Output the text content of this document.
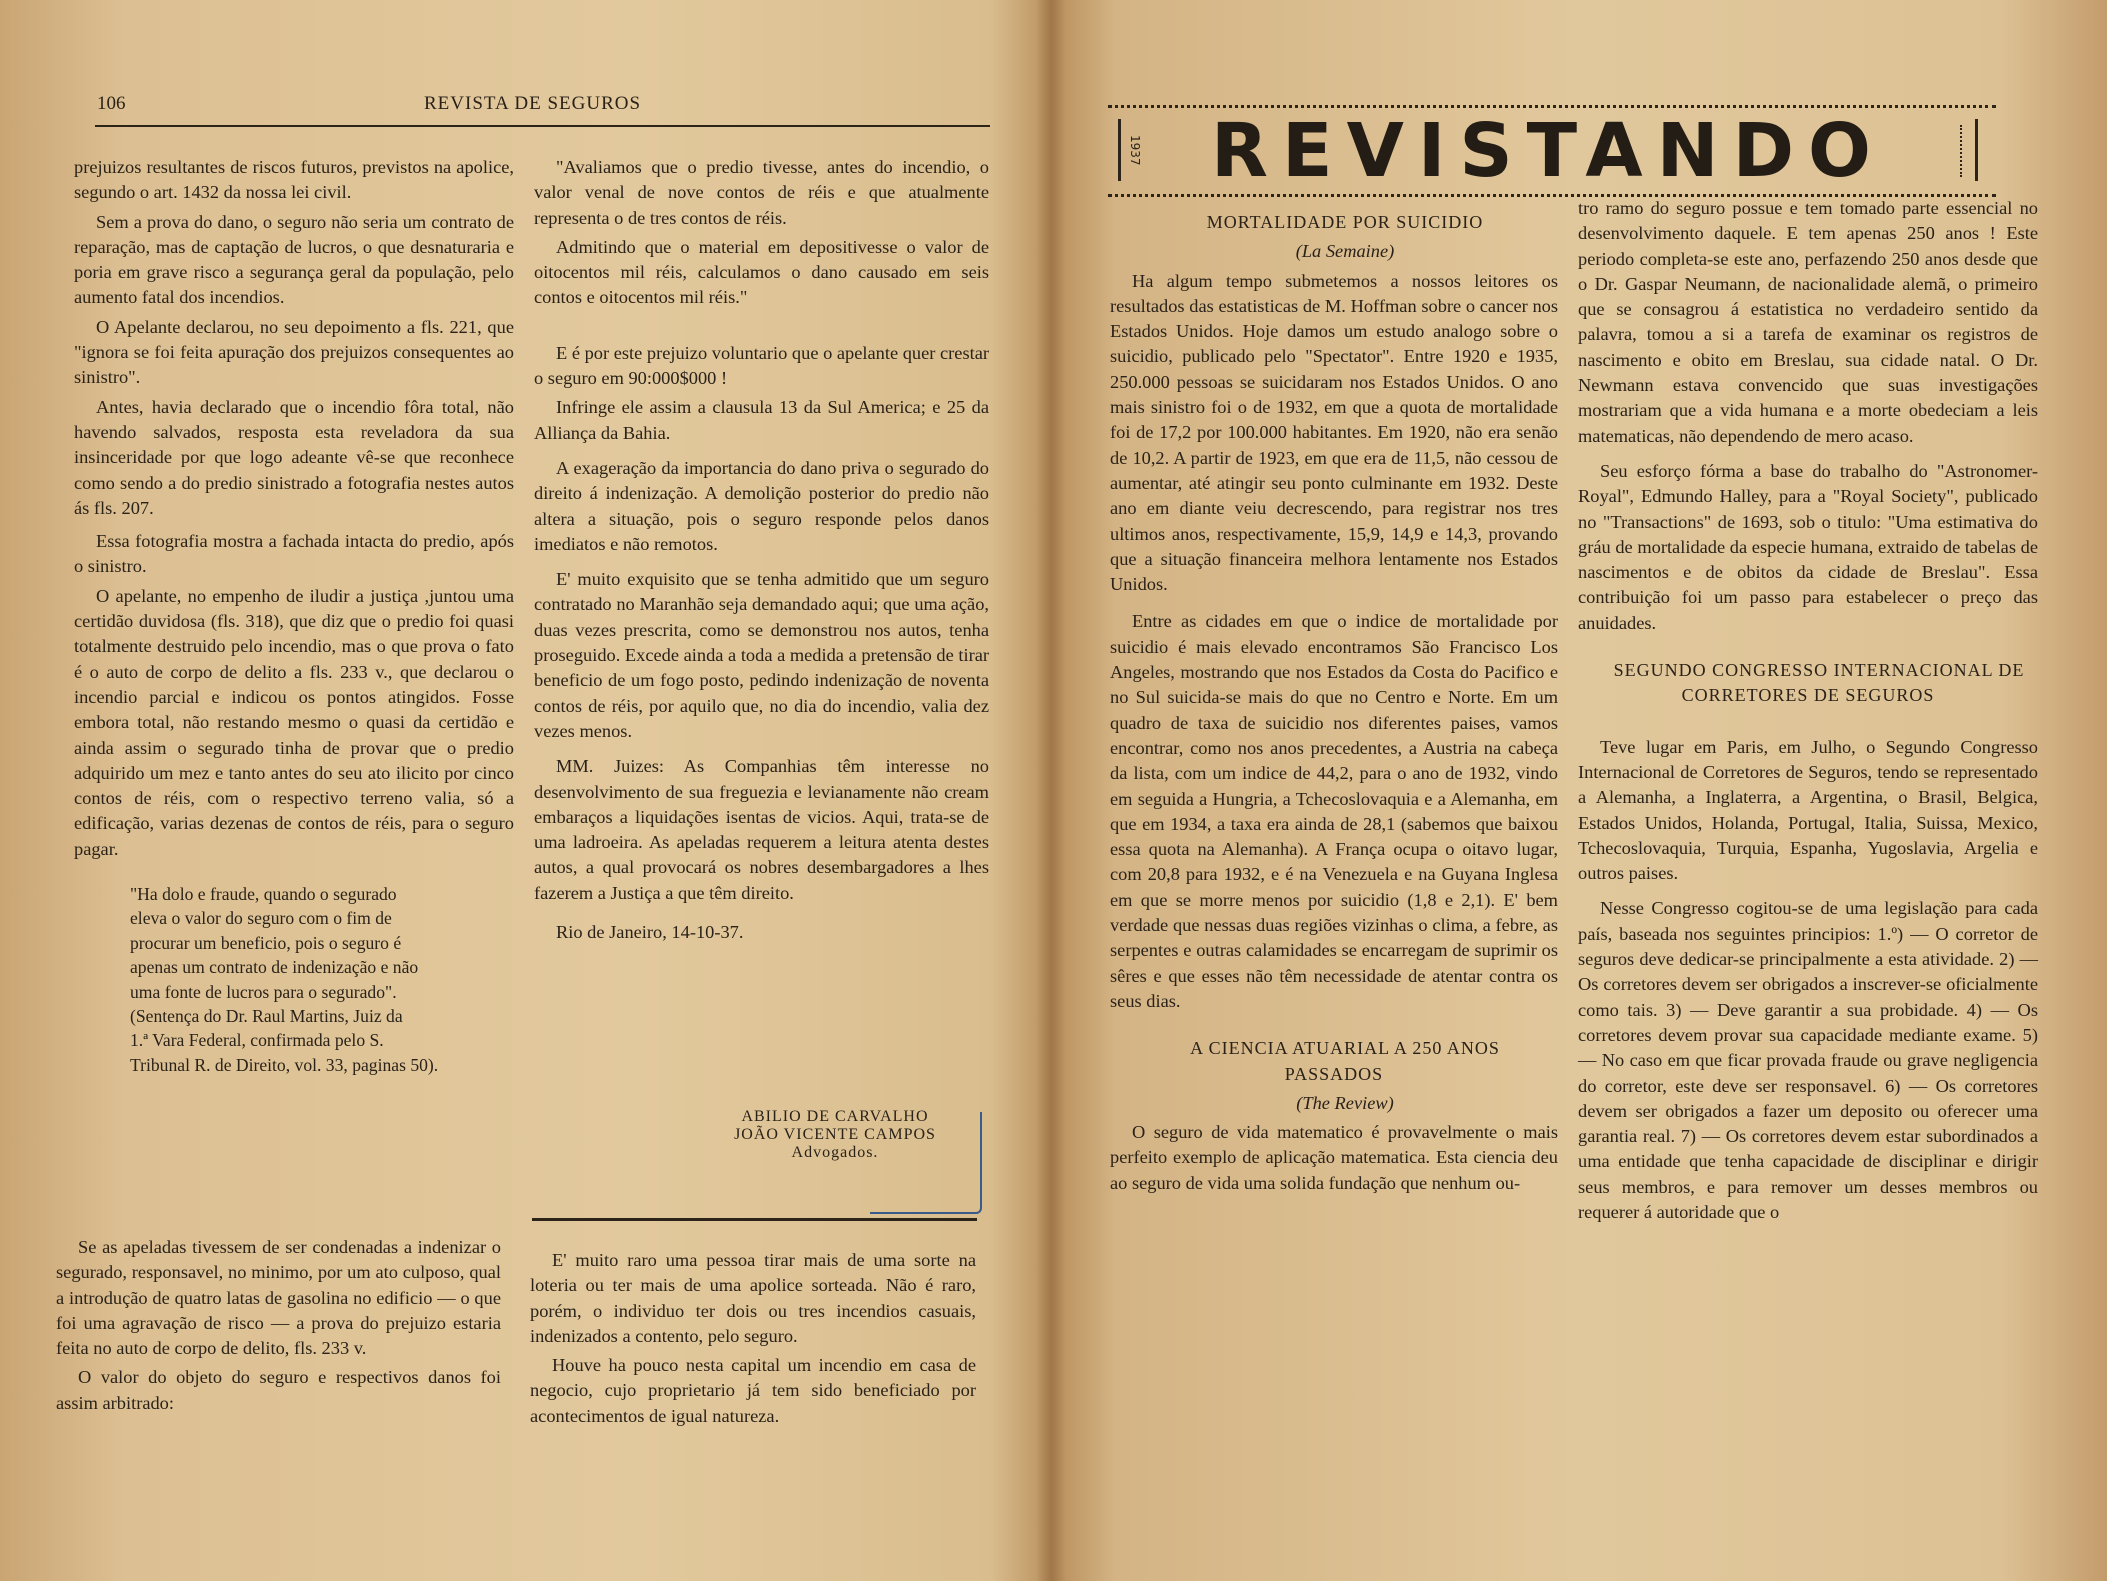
106	REVISTA DE SEGUROS

prejuizos resultantes de riscos futuros, previstos na apolice, segundo o art. 1432 da nossa lei civil.

Sem a prova do dano, o seguro não seria um contrato de reparação, mas de captação de lucros, o que desnaturaria e poria em grave risco a segurança geral da população, pelo aumento fatal dos incendios.

O Apelante declarou, no seu depoimento a fls. 221, que "ignora se foi feita apuração dos prejuizos consequentes ao sinistro".

Antes, havia declarado que o incendio fôra total, não havendo salvados, resposta esta reveladora da sua insinceridade por que logo adeante vê-se que reconhece como sendo a do predio sinistrado a fotografia nestes autos ás fls. 207.

Essa fotografia mostra a fachada intacta do predio, após o sinistro.

O apelante, no empenho de iludir a justiça ,juntou uma certidão duvidosa (fls. 318), que diz que o predio foi quasi totalmente destruido pelo incendio, mas o que prova o fato é o auto de corpo de delito a fls. 233 v., que declarou o incendio parcial e indicou os pontos atingidos. Fosse embora total, não restando mesmo o quasi da certidão e ainda assim o segurado tinha de provar que o predio adquirido um mez e tanto antes do seu ato ilicito por cinco contos de réis, com o respectivo terreno valia, só a edificação, varias dezenas de contos de réis, para o seguro pagar.

"Ha dolo e fraude, quando o segurado
eleva o valor do seguro com o fim de
procurar um beneficio, pois o seguro é
apenas um contrato de indenização e não
uma fonte de lucros para o segurado".
(Sentença do Dr. Raul Martins, Juiz da
1.ª Vara Federal, confirmada pelo S.
Tribunal R. de Direito, vol. 33, paginas 50).

Se as apeladas tivessem de ser condenadas a indenizar o segurado, responsavel, no minimo, por um ato culposo, qual a introdução de quatro latas de gasolina no edificio — o que foi uma agravação de risco — a prova do prejuizo estaria feita no auto de corpo de delito, fls. 233 v.

O valor do objeto do seguro e respectivos danos foi assim arbitrado:

"Avaliamos que o predio tivesse, antes do incendio, o valor venal de nove contos de réis e que atualmente representa o de tres contos de réis.

Admitindo que o material em depositivesse o valor de oitocentos mil réis, calculamos o dano causado em seis contos e oitocentos mil réis."

E é por este prejuizo voluntario que o apelante quer crestar o seguro em 90:000$000 !

Infringe ele assim a clausula 13 da Sul America; e 25 da Alliança da Bahia.

A exageração da importancia do dano priva o segurado do direito á indenização. A demolição posterior do predio não altera a situação, pois o seguro responde pelos danos imediatos e não remotos.

E' muito exquisito que se tenha admitido que um seguro contratado no Maranhão seja demandado aqui; que uma ação, duas vezes prescrita, como se demonstrou nos autos, tenha proseguido. Excede ainda a toda a medida a pretensão de tirar beneficio de um fogo posto, pedindo indenização de noventa contos de réis, por aquilo que, no dia do incendio, valia dez vezes menos.

MM. Juizes: As Companhias têm interesse no desenvolvimento de sua freguezia e levianamente não cream embaraços a liquidações isentas de vicios. Aqui, trata-se de uma ladroeira. As apeladas requerem a leitura atenta destes autos, a qual provocará os nobres desembargadores a lhes fazerem a Justiça a que têm direito.

Rio de Janeiro, 14-10-37.

ABILIO DE CARVALHO

JOÃO VICENTE CAMPOS

Advogados.

E' muito raro uma pessoa tirar mais de uma sorte na loteria ou ter mais de uma apolice sorteada. Não é raro, porém, o individuo ter dois ou tres incendios casuais, indenizados a contento, pelo seguro.

Houve ha pouco nesta capital um incendio em casa de negocio, cujo proprietario já tem sido beneficiado por acontecimentos de igual natureza.

1937 REVISTANDO

MORTALIDADE POR SUICIDIO

(La Semaine)

Ha algum tempo submetemos a nossos leitores os resultados das estatisticas de M. Hoffman sobre o cancer nos Estados Unidos. Hoje damos um estudo analogo sobre o suicidio, publicado pelo "Spectator". Entre 1920 e 1935, 250.000 pessoas se suicidaram nos Estados Unidos. O ano mais sinistro foi o de 1932, em que a quota de mortalidade foi de 17,2 por 100.000 habitantes. Em 1920, não era senão de 10,2. A partir de 1923, em que era de 11,5, não cessou de aumentar, até atingir seu ponto culminante em 1932. Deste ano em diante veiu decrescendo, para registrar nos tres ultimos anos, respectivamente, 15,9, 14,9 e 14,3, provando que a situação financeira melhora lentamente nos Estados Unidos.

Entre as cidades em que o indice de mortalidade por suicidio é mais elevado encontramos São Francisco Los Angeles, mostrando que nos Estados da Costa do Pacifico e no Sul suicida-se mais do que no Centro e Norte. Em um quadro de taxa de suicidio nos diferentes paises, vamos encontrar, como nos anos precedentes, a Austria na cabeça da lista, com um indice de 44,2, para o ano de 1932, vindo em seguida a Hungria, a Tchecoslovaquia e a Alemanha, em que em 1934, a taxa era ainda de 28,1 (sabemos que baixou essa quota na Alemanha). A França ocupa o oitavo lugar, com 20,8 para 1932, e é na Venezuela e na Guyana Inglesa em que se morre menos por suicidio (1,8 e 2,1). E' bem verdade que nessas duas regiões vizinhas o clima, a febre, as serpentes e outras calamidades se encarregam de suprimir os sêres e que esses não têm necessidade de atentar contra os seus dias.

A CIENCIA ATUARIAL A 250 ANOS PASSADOS

(The Review)

O seguro de vida matematico é provavelmente o mais perfeito exemplo de aplicação matematica. Esta ciencia deu ao seguro de vida uma solida fundação que nenhum ou-

tro ramo do seguro possue e tem tomado parte essencial no desenvolvimento daquele. E tem apenas 250 anos ! Este periodo completa-se este ano, perfazendo 250 anos desde que o Dr. Gaspar Neumann, de nacionalidade alemã, o primeiro que se consagrou á estatistica no verdadeiro sentido da palavra, tomou a si a tarefa de examinar os registros de nascimento e obito em Breslau, sua cidade natal. O Dr. Newmann estava convencido que suas investigações mostrariam que a vida humana e a morte obedeciam a leis matematicas, não dependendo de mero acaso.

Seu esforço fórma a base do trabalho do "Astronomer-Royal", Edmundo Halley, para a "Royal Society", publicado no "Transactions" de 1693, sob o titulo: "Uma estimativa do gráu de mortalidade da especie humana, extraido de tabelas de nascimentos e de obitos da cidade de Breslau". Essa contribuição foi um passo para estabelecer o preço das anuidades.

SEGUNDO CONGRESSO INTERNACIONAL DE CORRETORES DE SEGUROS

Teve lugar em Paris, em Julho, o Segundo Congresso Internacional de Corretores de Seguros, tendo se representado a Alemanha, a Inglaterra, a Argentina, o Brasil, Belgica, Estados Unidos, Holanda, Portugal, Italia, Suissa, Mexico, Tchecoslovaquia, Turquia, Espanha, Yugoslavia, Argelia e outros paises.

Nesse Congresso cogitou-se de uma legislação para cada país, baseada nos seguintes principios: 1.º) — O corretor de seguros deve dedicar-se principalmente a esta atividade. 2) — Os corretores devem ser obrigados a inscrever-se oficialmente como tais. 3) — Deve garantir a sua probidade. 4) — Os corretores devem provar sua capacidade mediante exame. 5) — No caso em que ficar provada fraude ou grave negligencia do corretor, este deve ser responsavel. 6) — Os corretores devem ser obrigados a fazer um deposito ou oferecer uma garantia real. 7) — Os corretores devem estar subordinados a uma entidade que tenha capacidade de disciplinar e dirigir seus membros, e para remover um desses membros ou requerer á autoridade que o
